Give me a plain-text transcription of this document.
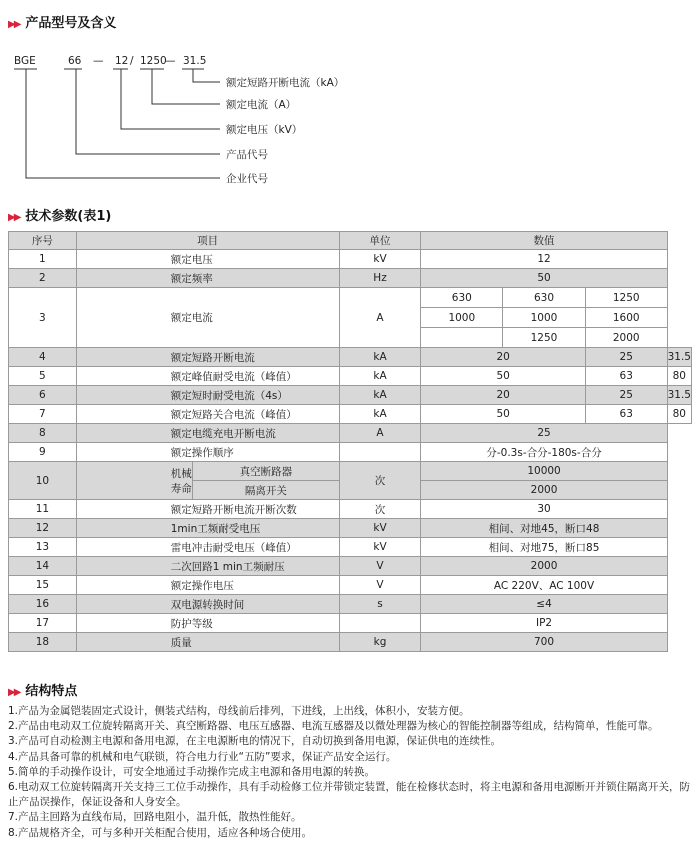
▶▶ 产品型号及含义
BGE	66 — 12 / 1250
— 31.5
额定短路开断电流（kA）
额定电流（A）
额定电压（kV）
产品代号
企业代号
▶▶ 技术参数(表1)
序号	项目		单位	数值			
1	额定电压		kV	12			
2	额定频率		Hz	50			
3	额定电流		A	630	630	1250	
				1000	1000	1600	
					1250	2000	
4	额定短路开断电流		kA	20		25	31.5
5	额定峰值耐受电流（峰值）		kA	50		63	80
6	额定短时耐受电流（4s）		kA	20		25	31.5
7	额定短路关合电流（峰值）		kA	50		63	80
8	额定电缆充电开断电流		A	25			
9	额定操作顺序			分-0.3s-合分-180s-合分			
10	机械寿命	真空断路器	次	10000			
		隔离开关		2000			
11	额定短路开断电流开断次数		次	30			
12	1min工频耐受电压		kV	相间、对地45，断口48			
13	雷电冲击耐受电压（峰值）		kV	相间、对地75，断口85			
14	二次回路1 min工频耐压		V	2000			
15	额定操作电压		V	AC 220V、AC 100V			
16	双电源转换时间		s	≤4			
17	防护等级			IP2			
18	质量		kg	700			
▶▶ 结构特点

1.产品为金属铠装固定式设计，侧装式结构，母线前后排列，下进线，上出线，体积小，安装方便。

2.产品由电动双工位旋转隔离开关、真空断路器、电压互感器、电流互感器及以微处理器为核心的智能控制器等组成，结构简单，性能可靠。

3.产品可自动检测主电源和备用电源，在主电源断电的情况下，自动切换到备用电源，保证供电的连续性。

4.产品具备可靠的机械和电气联锁，符合电力行业“五防”要求，保证产品安全运行。

5.简单的手动操作设计，可安全地通过手动操作完成主电源和备用电源的转换。

6.电动双工位旋转隔离开关支持三工位手动操作，具有手动检修工位并带锁定装置，能在检修状态时，将主电源和备用电源断开并锁住隔离开关，防止产品误操作，保证设备和人身安全。

7.产品主回路为直线布局，回路电阻小，温升低，散热性能好。

8.产品规格齐全，可与多种开关柜配合使用，适应各种场合使用。
